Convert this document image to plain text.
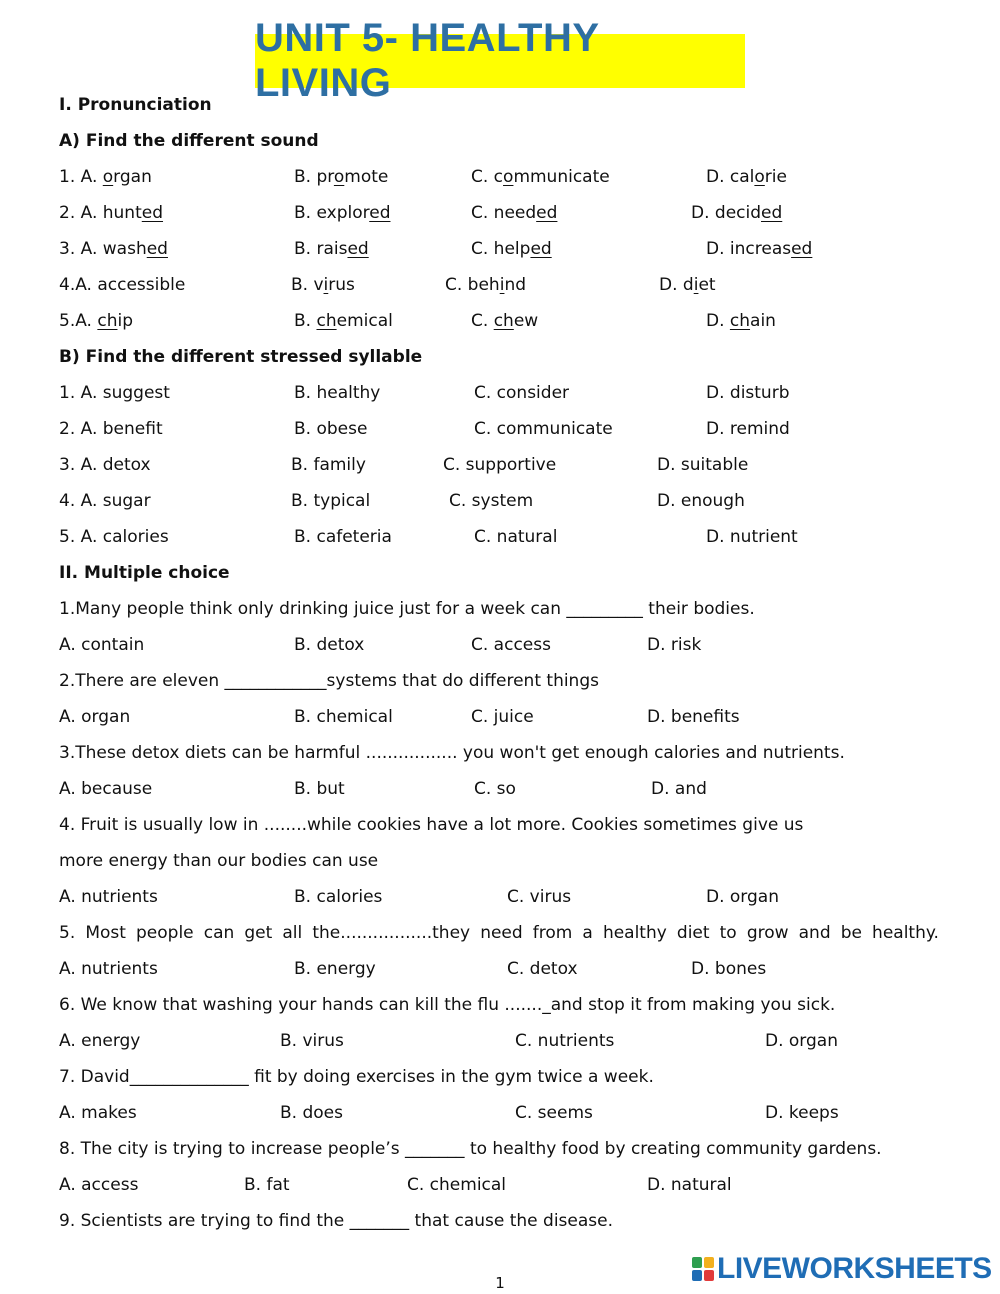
UNIT 5- HEALTHY LIVING
I. Pronunciation
A) Find the different sound
1. A. organ	B. promote	C. communicate	D. calorie
2. A. hunted	B. explored	C. needed	D. decided
3. A. washed	B. raised	C. helped	D. increased
4.A. accessible	B. virus	C. behind	D. diet
5.A. chip	B. chemical	C. chew	D. chain
B) Find the different stressed syllable
1. A. suggest	B. healthy	C. consider	D. disturb
2. A. benefit	B. obese	C. communicate	D. remind
3. A. detox	B. family	C. supportive	D. suitable
4. A. sugar	B. typical	C. system	D. enough
5. A. calories	B. cafeteria	C. natural	D. nutrient
II. Multiple choice
1.Many people think only drinking juice just for a week can _________ their bodies.
A. contain	B. detox	C. access	D. risk
2.There are eleven ____________systems that do different things
A. organ	B. chemical	C. juice	D. benefits
3.These detox diets can be harmful ................. you won't get enough calories and nutrients.
A. because	B. but	C. so	D. and
4. Fruit is usually low in ........while cookies have a lot more. Cookies sometimes give us
more energy than our bodies can use
A. nutrients	B. calories	C. virus	D. organ
5. Most people can get all the.................they need from a healthy diet to grow and be healthy.
A. nutrients	B. energy	C. detox	D. bones
6. We know that washing your hands can kill the flu ......._and stop it from making you sick.
A. energy	B. virus	C. nutrients	D. organ
7. David______________ fit by doing exercises in the gym twice a week.
A. makes	B. does	C. seems	D. keeps
8. The city is trying to increase people’s _______ to healthy food by creating community gardens.
A. access	B. fat	C. chemical	D. natural
9. Scientists are trying to find the _______ that cause the disease.
LIVEWORKSHEETS
1
